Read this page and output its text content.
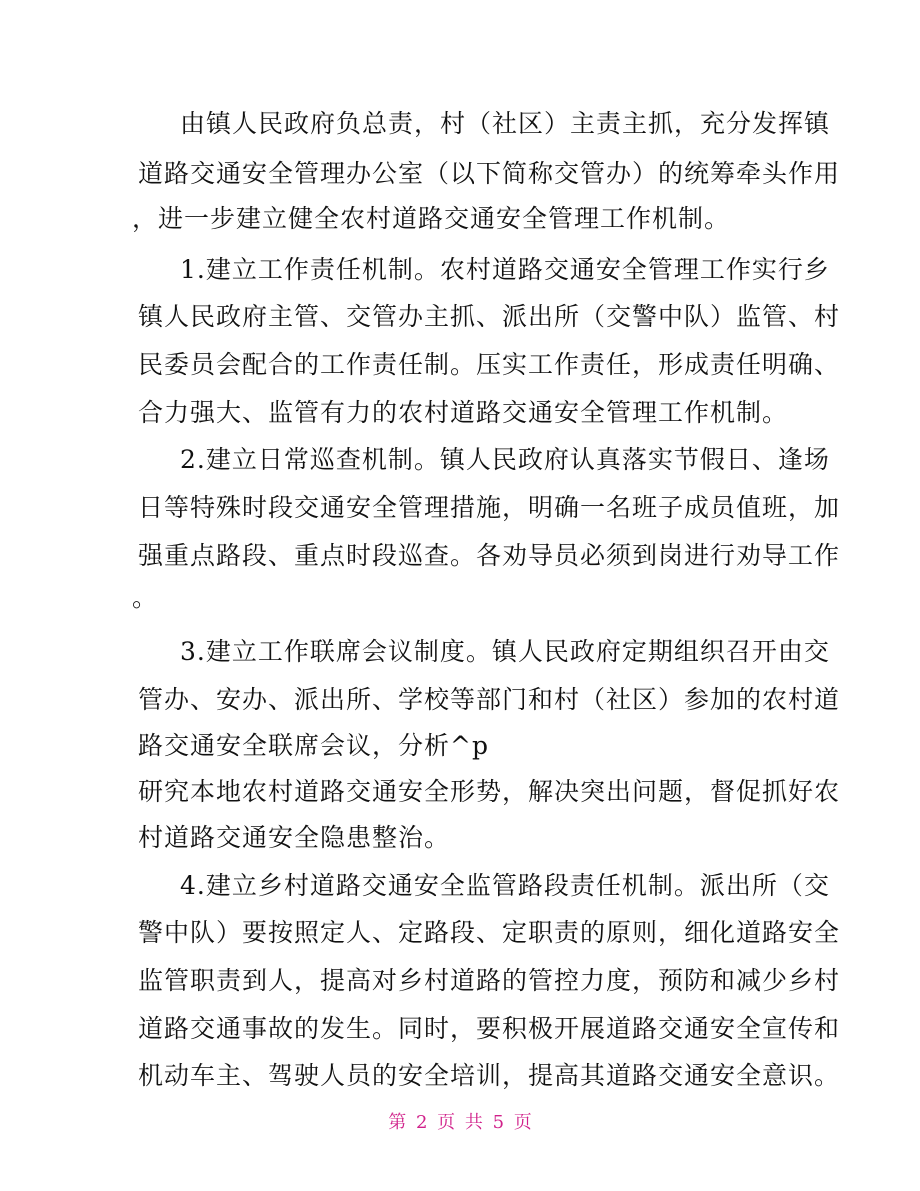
由镇人民政府负总责，村（社区）主责主抓，充分发挥镇
道路交通安全管理办公室（以下简称交管办）的统筹牵头作用
，进一步建立健全农村道路交通安全管理工作机制。
1.建立工作责任机制。农村道路交通安全管理工作实行乡
镇人民政府主管、交管办主抓、派出所（交警中队）监管、村
民委员会配合的工作责任制。压实工作责任，形成责任明确、
合力强大、监管有力的农村道路交通安全管理工作机制。
2.建立日常巡查机制。镇人民政府认真落实节假日、逢场
日等特殊时段交通安全管理措施，明确一名班子成员值班，加
强重点路段、重点时段巡查。各劝导员必须到岗进行劝导工作
。
3.建立工作联席会议制度。镇人民政府定期组织召开由交
管办、安办、派出所、学校等部门和村（社区）参加的农村道
路交通安全联席会议，分析^p
研究本地农村道路交通安全形势，解决突出问题，督促抓好农
村道路交通安全隐患整治。
4.建立乡村道路交通安全监管路段责任机制。派出所（交
警中队）要按照定人、定路段、定职责的原则，细化道路安全
监管职责到人，提高对乡村道路的管控力度，预防和减少乡村
道路交通事故的发生。同时，要积极开展道路交通安全宣传和
机动车主、驾驶人员的安全培训，提高其道路交通安全意识。
第 2 页 共 5 页
